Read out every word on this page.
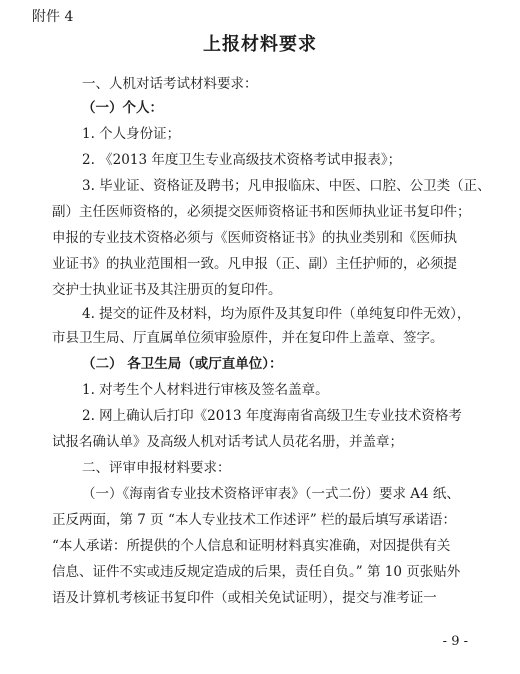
附件 4
上报材料要求
一、人机对话考试材料要求：
（一）个人：
1. 个人身份证；
2. 《2013 年度卫生专业高级技术资格考试申报表》；
3. 毕业证、资格证及聘书；凡申报临床、中医、口腔、公卫类（正、
副）主任医师资格的，必须提交医师资格证书和医师执业证书复印件；
申报的专业技术资格必须与《医师资格证书》的执业类别和《医师执
业证书》的执业范围相一致。凡申报（正、副）主任护师的，必须提
交护士执业证书及其注册页的复印件。
4. 提交的证件及材料，均为原件及其复印件（单纯复印件无效），
市县卫生局、厅直属单位须审验原件，并在复印件上盖章、签字。
（二） 各卫生局（或厅直单位）：
1. 对考生个人材料进行审核及签名盖章。
2. 网上确认后打印《2013 年度海南省高级卫生专业技术资格考
试报名确认单》及高级人机对话考试人员花名册，并盖章；
二、评审申报材料要求：
（一）《海南省专业技术资格评审表》（一式二份）要求 A4 纸、
正反两面，第 7 页 “本人专业技术工作述评” 栏的最后填写承诺语：
“本人承诺：所提供的个人信息和证明材料真实准确，对因提供有关
信息、证件不实或违反规定造成的后果，责任自负。” 第 10 页张贴外
语及计算机考核证书复印件（或相关免试证明），提交与准考证一
- 9 -
